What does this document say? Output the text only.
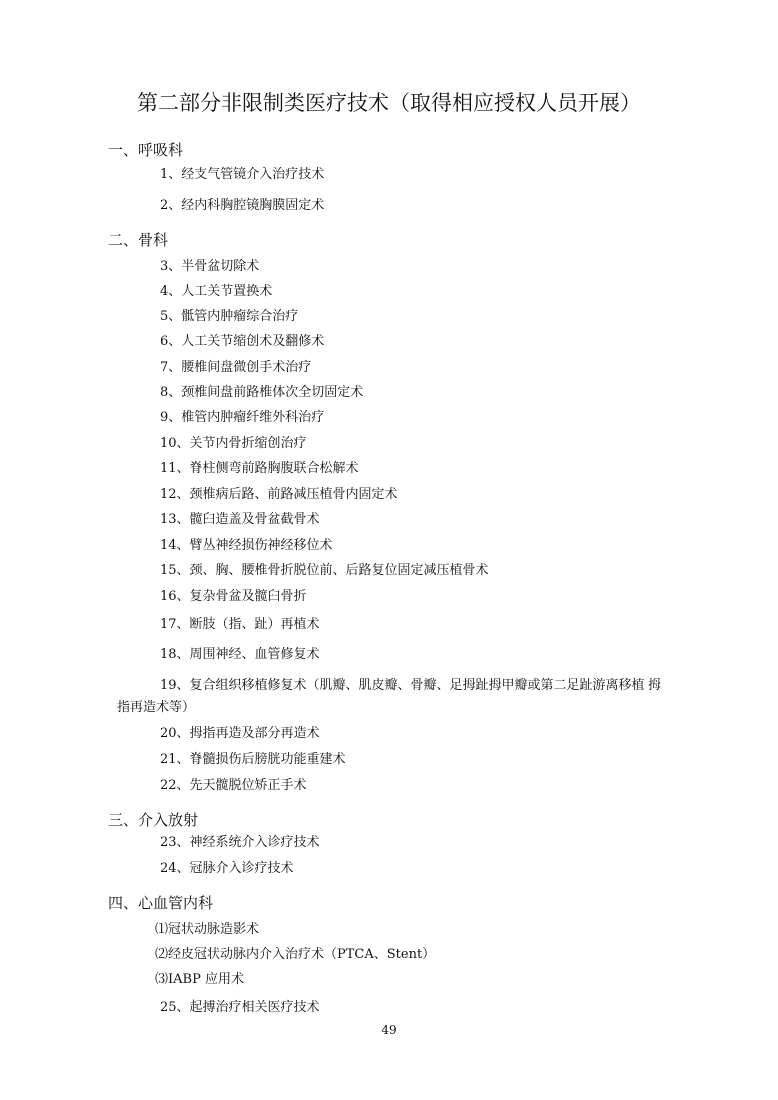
第二部分非限制类医疗技术（取得相应授权人员开展）
一、呼吸科
1、经支气管镜介入治疗技术
2、经内科胸腔镜胸膜固定术
二、骨科
3、半骨盆切除术
4、人工关节置换术
5、骶管内肿瘤综合治疗
6、人工关节缩创术及翻修术
7、腰椎间盘微创手术治疗
8、颈椎间盘前路椎体次全切固定术
9、椎管内肿瘤纤维外科治疗
10、关节内骨折缩创治疗
11、脊柱侧弯前路胸腹联合松解术
12、颈椎病后路、前路减压植骨内固定术
13、髋臼造盖及骨盆截骨术
14、臂丛神经损伤神经移位术
15、颈、胸、腰椎骨折脱位前、后路复位固定减压植骨术
16、复杂骨盆及髋臼骨折
17、断肢（指、趾）再植术
18、周围神经、血管修复术
19、复合组织移植修复术（肌瓣、肌皮瓣、骨瓣、足拇趾拇甲瓣或第二足趾游离移植 拇
指再造术等）
20、拇指再造及部分再造术
21、脊髓损伤后膀胱功能重建术
22、先天髋脱位矫正手术
三、介入放射
23、神经系统介入诊疗技术
24、冠脉介入诊疗技术
四、心血管内科
⑴冠状动脉造影术
⑵经皮冠状动脉内介入治疗术（PTCA、Stent）
⑶IABP 应用术
25、起搏治疗相关医疗技术
49
